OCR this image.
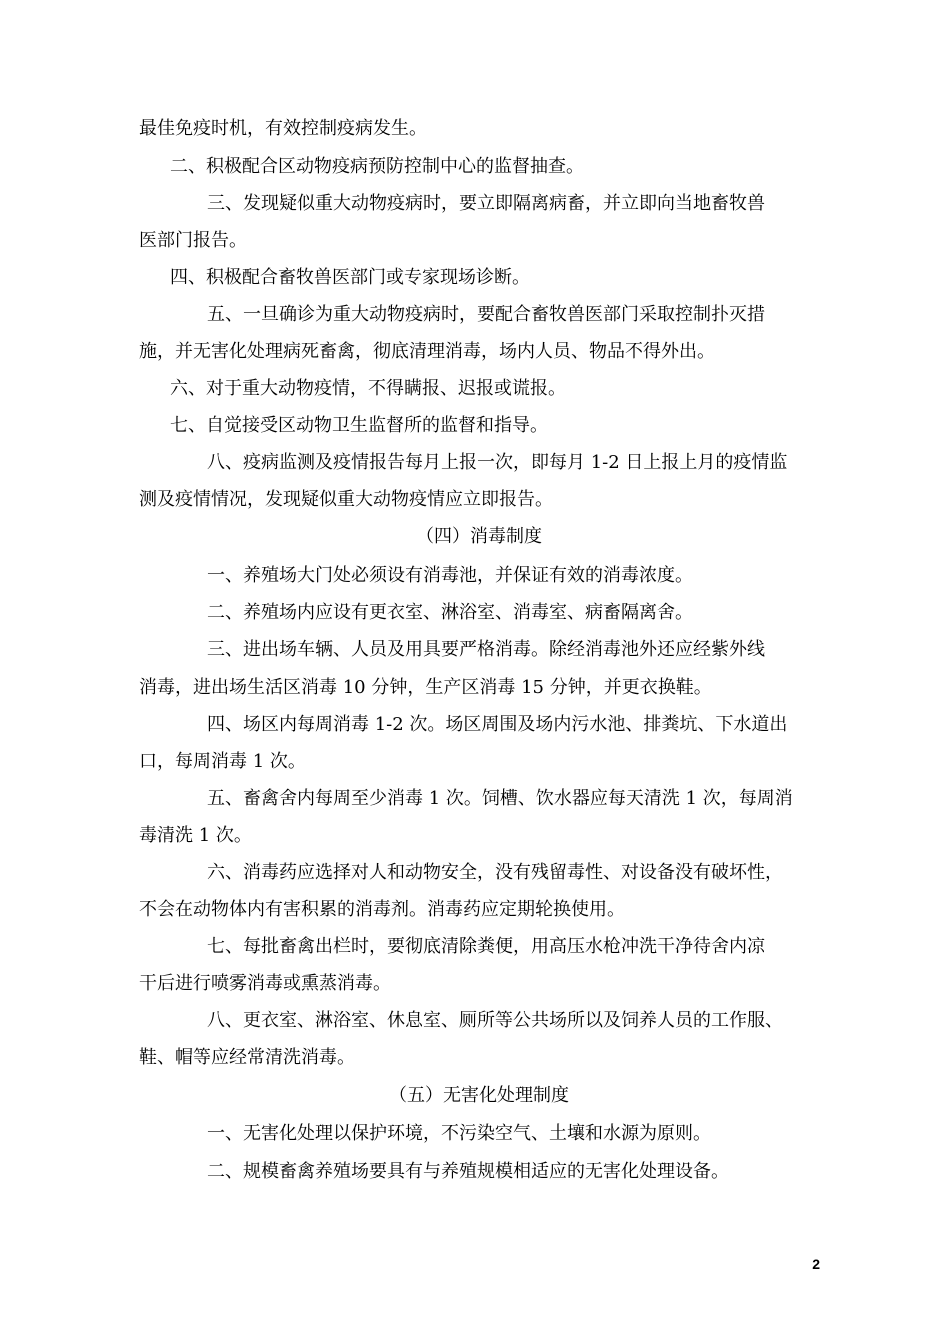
最佳免疫时机，有效控制疫病发生。
二、积极配合区动物疫病预防控制中心的监督抽查。
三、发现疑似重大动物疫病时，要立即隔离病畜，并立即向当地畜牧兽
医部门报告。
四、积极配合畜牧兽医部门或专家现场诊断。
五、一旦确诊为重大动物疫病时，要配合畜牧兽医部门采取控制扑灭措
施，并无害化处理病死畜禽，彻底清理消毒，场内人员、物品不得外出。
六、对于重大动物疫情，不得瞒报、迟报或谎报。
七、自觉接受区动物卫生监督所的监督和指导。
八、疫病监测及疫情报告每月上报一次，即每月 1-2 日上报上月的疫情监
测及疫情情况，发现疑似重大动物疫情应立即报告。
（四）消毒制度
一、养殖场大门处必须设有消毒池，并保证有效的消毒浓度。
二、养殖场内应设有更衣室、淋浴室、消毒室、病畜隔离舍。
三、进出场车辆、人员及用具要严格消毒。除经消毒池外还应经紫外线
消毒，进出场生活区消毒 10 分钟，生产区消毒 15 分钟，并更衣换鞋。
四、场区内每周消毒 1-2 次。场区周围及场内污水池、排粪坑、下水道出
口，每周消毒 1 次。
五、畜禽舍内每周至少消毒 1 次。饲槽、饮水器应每天清洗 1 次，每周消
毒清洗 1 次。
六、消毒药应选择对人和动物安全，没有残留毒性、对设备没有破坏性，
不会在动物体内有害积累的消毒剂。消毒药应定期轮换使用。
七、每批畜禽出栏时，要彻底清除粪便，用高压水枪冲洗干净待舍内凉
干后进行喷雾消毒或熏蒸消毒。
八、更衣室、淋浴室、休息室、厕所等公共场所以及饲养人员的工作服、
鞋、帽等应经常清洗消毒。
（五）无害化处理制度
一、无害化处理以保护环境，不污染空气、土壤和水源为原则。
二、规模畜禽养殖场要具有与养殖规模相适应的无害化处理设备。
2
